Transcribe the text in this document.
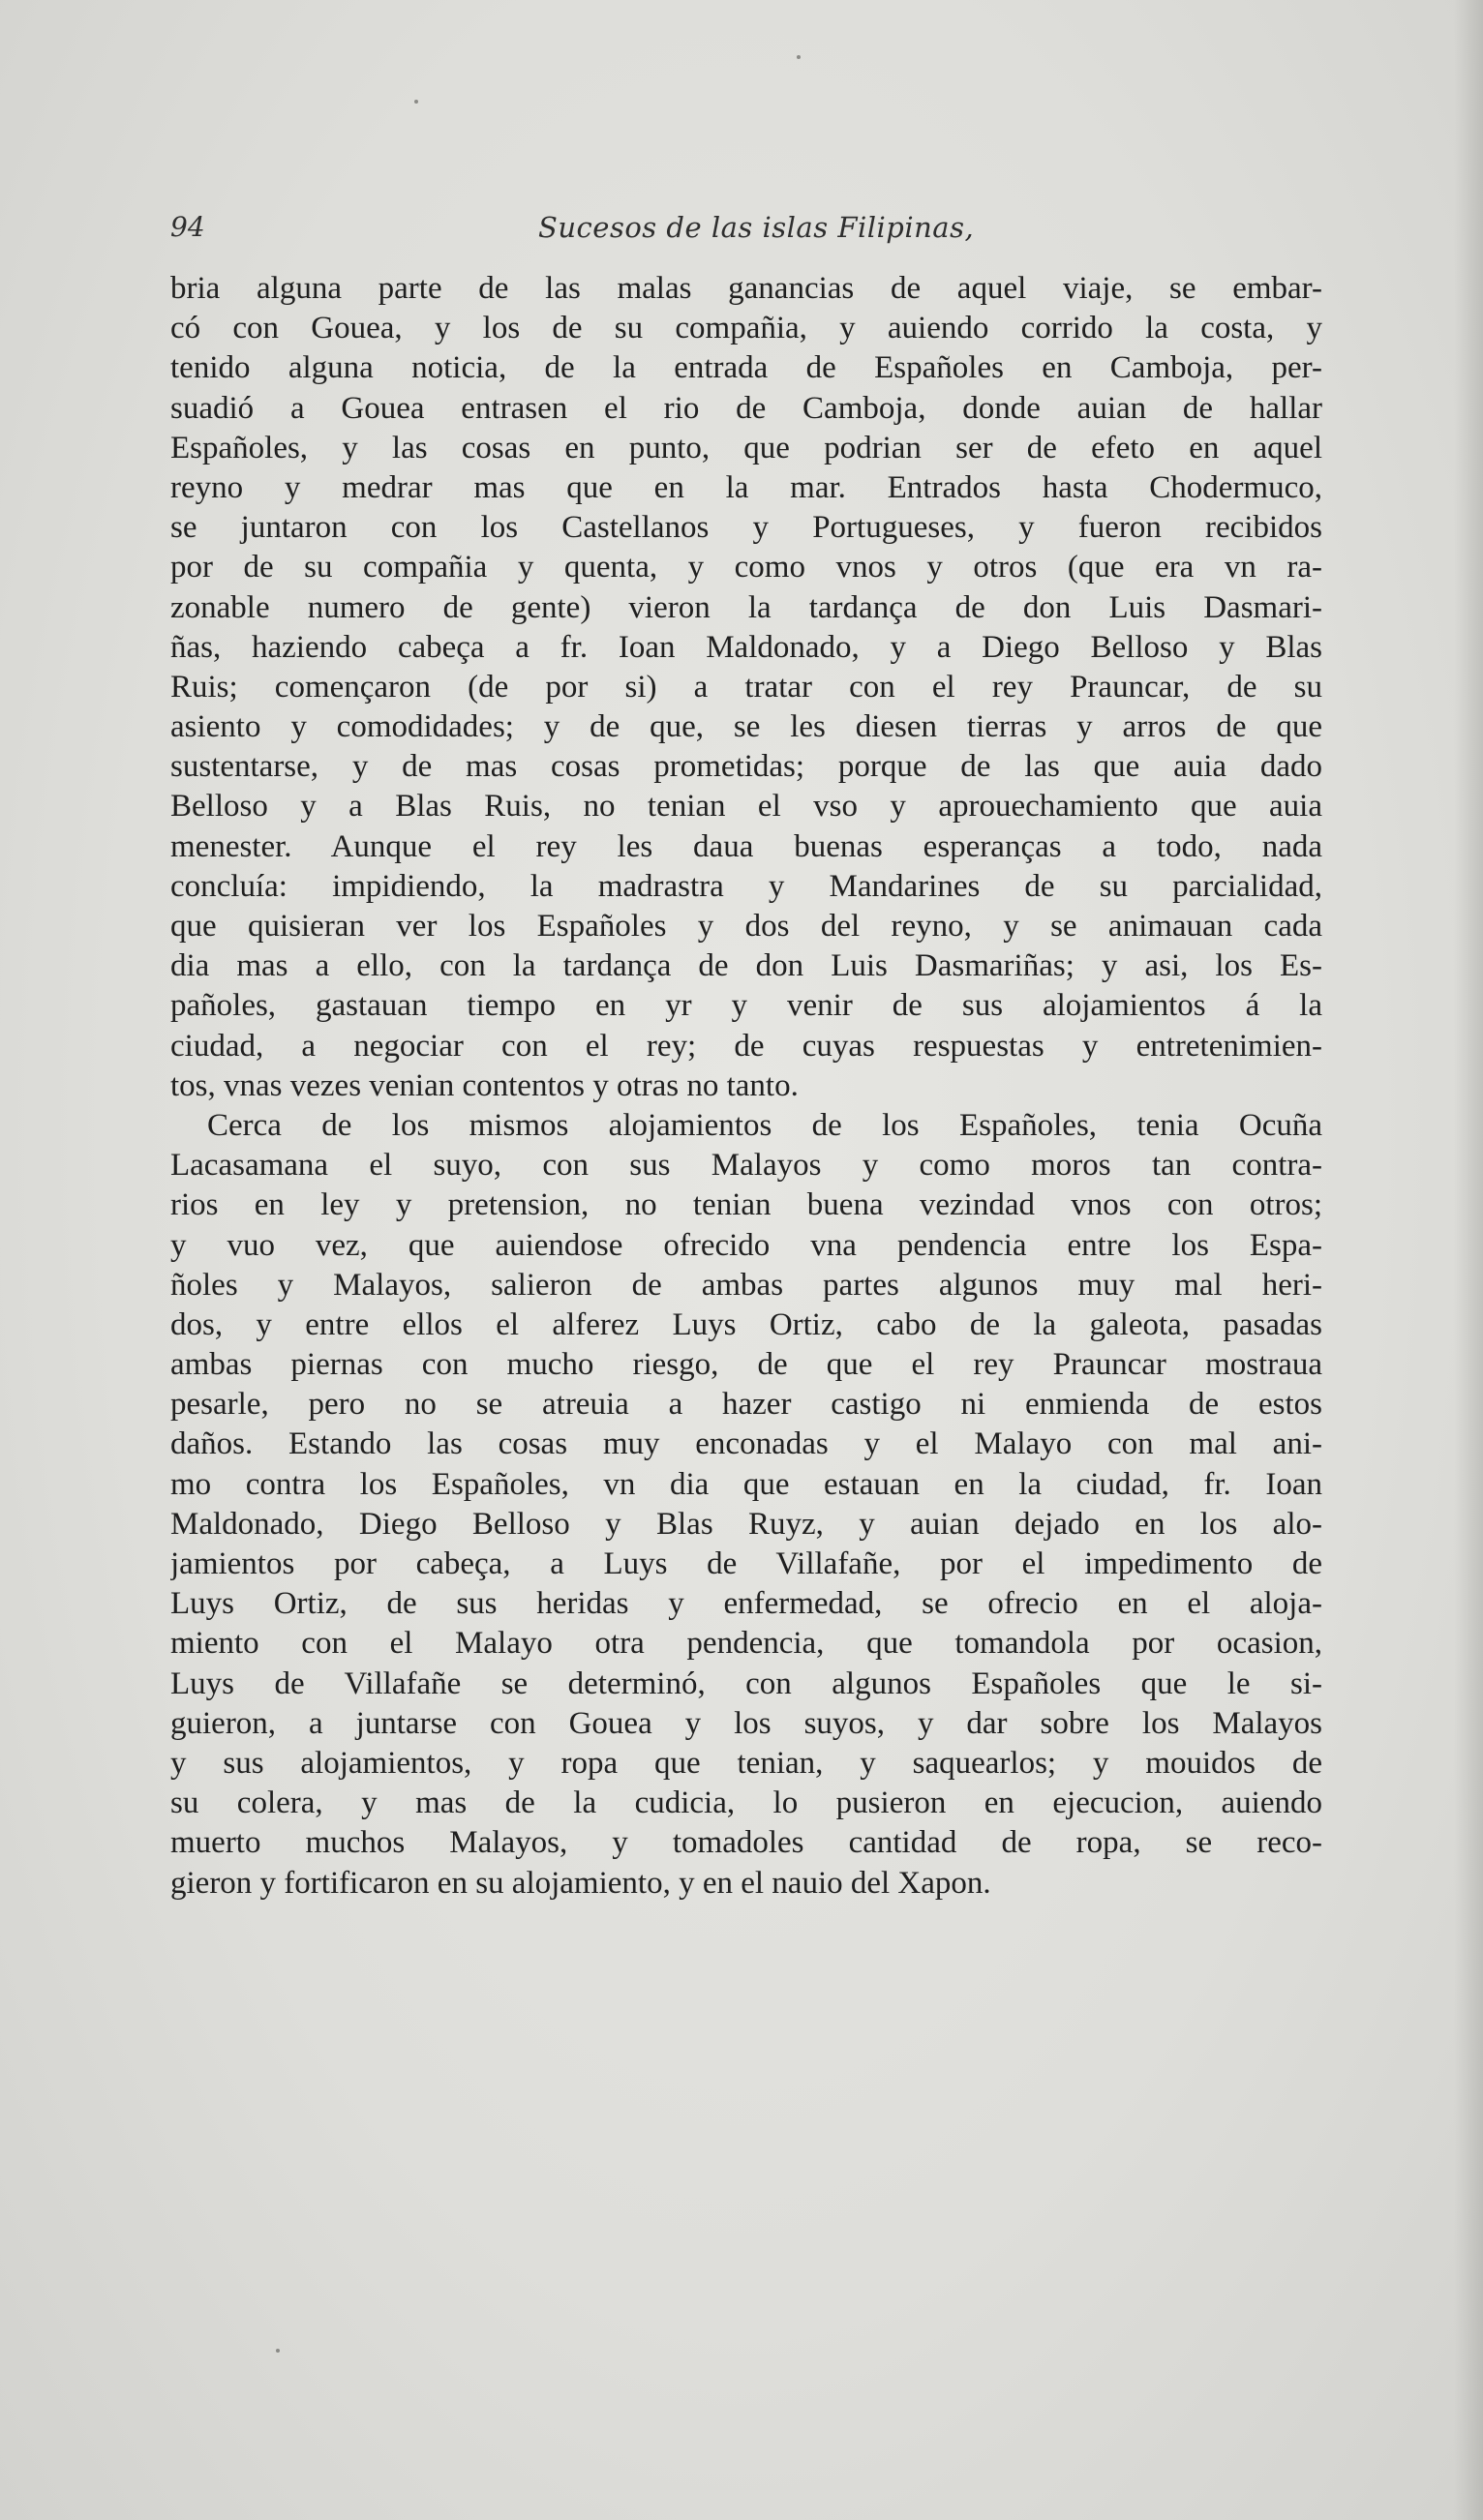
94	Sucesos de las islas Filipinas,
bria alguna parte de las malas ganancias de aquel viaje, se embar-
có con Gouea, y los de su compañia, y auiendo corrido la costa, y
tenido alguna noticia, de la entrada de Españoles en Camboja, per-
suadió a Gouea entrasen el rio de Camboja, donde auian de hallar
Españoles, y las cosas en punto, que podrian ser de efeto en aquel
reyno y medrar mas que en la mar. Entrados hasta Chodermuco,
se juntaron con los Castellanos y Portugueses, y fueron recibidos
por de su compañia y quenta, y como vnos y otros (que era vn ra-
zonable numero de gente) vieron la tardança de don Luis Dasmari-
ñas, haziendo cabeça a fr. Ioan Maldonado, y a Diego Belloso y Blas
Ruis; començaron (de por si) a tratar con el rey Prauncar, de su
asiento y comodidades; y de que, se les diesen tierras y arros de que
sustentarse, y de mas cosas prometidas; porque de las que auia dado
Belloso y a Blas Ruis, no tenian el vso y aprouechamiento que auia
menester. Aunque el rey les daua buenas esperanças a todo, nada
concluía: impidiendo, la madrastra y Mandarines de su parcialidad,
que quisieran ver los Españoles y dos del reyno, y se animauan cada
dia mas a ello, con la tardança de don Luis Dasmariñas; y asi, los Es-
pañoles, gastauan tiempo en yr y venir de sus alojamientos á la
ciudad, a negociar con el rey; de cuyas respuestas y entretenimien-
tos, vnas vezes venian contentos y otras no tanto.
Cerca de los mismos alojamientos de los Españoles, tenia Ocuña
Lacasamana el suyo, con sus Malayos y como moros tan contra-
rios en ley y pretension, no tenian buena vezindad vnos con otros;
y vuo vez, que auiendose ofrecido vna pendencia entre los Espa-
ñoles y Malayos, salieron de ambas partes algunos muy mal heri-
dos, y entre ellos el alferez Luys Ortiz, cabo de la galeota, pasadas
ambas piernas con mucho riesgo, de que el rey Prauncar mostraua
pesarle, pero no se atreuia a hazer castigo ni enmienda de estos
daños. Estando las cosas muy enconadas y el Malayo con mal ani-
mo contra los Españoles, vn dia que estauan en la ciudad, fr. Ioan
Maldonado, Diego Belloso y Blas Ruyz, y auian dejado en los alo-
jamientos por cabeça, a Luys de Villafañe, por el impedimento de
Luys Ortiz, de sus heridas y enfermedad, se ofrecio en el aloja-
miento con el Malayo otra pendencia, que tomandola por ocasion,
Luys de Villafañe se determinó, con algunos Españoles que le si-
guieron, a juntarse con Gouea y los suyos, y dar sobre los Malayos
y sus alojamientos, y ropa que tenian, y saquearlos; y mouidos de
su colera, y mas de la cudicia, lo pusieron en ejecucion, auiendo
muerto muchos Malayos, y tomadoles cantidad de ropa, se reco-
gieron y fortificaron en su alojamiento, y en el nauio del Xapon.
